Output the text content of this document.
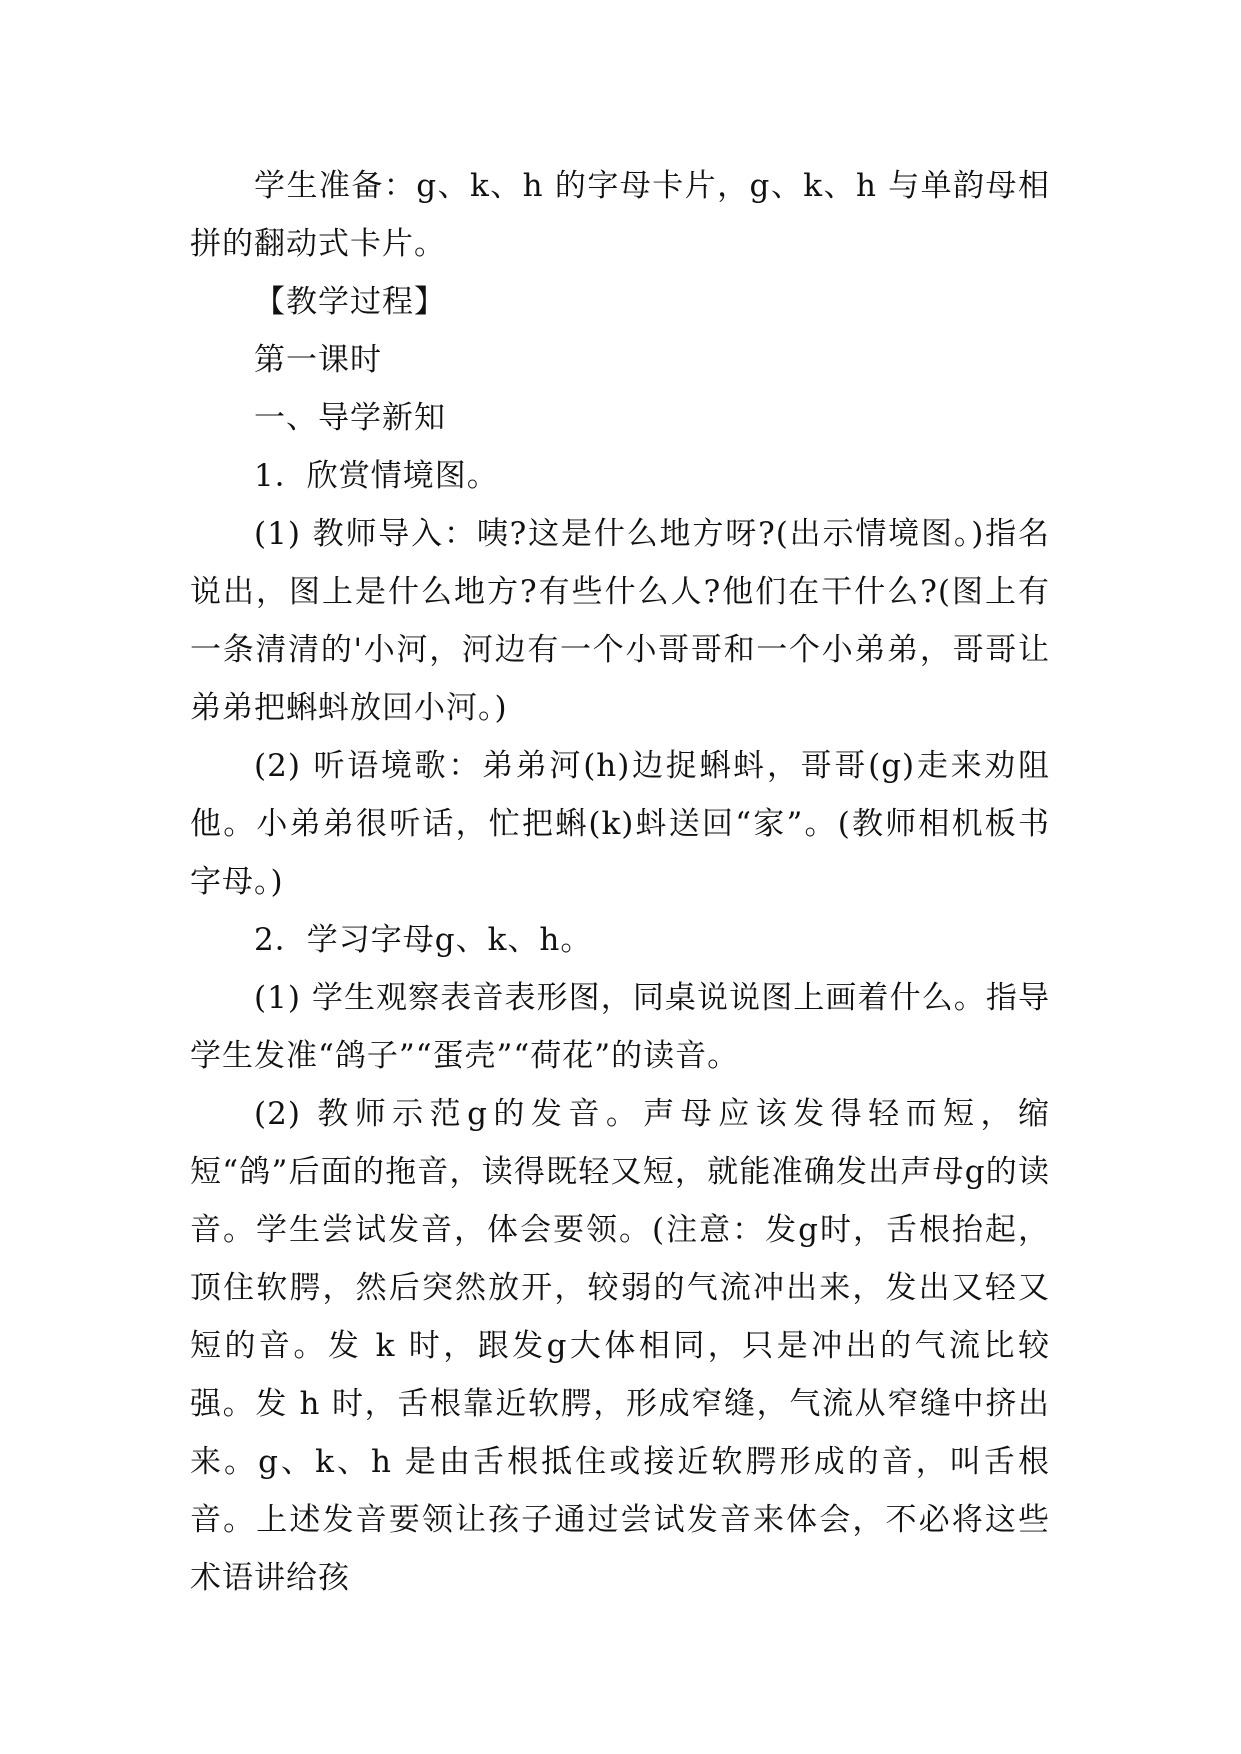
学生准备：g、k、h 的字母卡片，g、k、h 与单韵母相拼的翻动式卡片。

【教学过程】

第一课时

一、导学新知

1．欣赏情境图。

(1) 教师导入：咦?这是什么地方呀?(出示情境图。)指名说出，图上是什么地方?有些什么人?他们在干什么?(图上有一条清清的'小河，河边有一个小哥哥和一个小弟弟，哥哥让弟弟把蝌蚪放回小河。)

(2) 听语境歌：弟弟河(h)边捉蝌蚪，哥哥(g)走来劝阻他。小弟弟很听话，忙把蝌(k)蚪送回“家”。(教师相机板书字母。)

2．学习字母g、k、h。

(1) 学生观察表音表形图，同桌说说图上画着什么。指导学生发准“鸽子”“蛋壳”“荷花”的读音。

(2) 教师示范g的发音。声母应该发得轻而短，缩短“鸽”后面的拖音，读得既轻又短，就能准确发出声母g的读音。学生尝试发音，体会要领。(注意：发g时，舌根抬起，顶住软腭，然后突然放开，较弱的气流冲出来，发出又轻又短的音。发 k 时，跟发g大体相同，只是冲出的气流比较强。发 h 时，舌根靠近软腭，形成窄缝，气流从窄缝中挤出来。g、k、h 是由舌根抵住或接近软腭形成的音，叫舌根音。上述发音要领让孩子通过尝试发音来体会，不必将这些术语讲给孩
